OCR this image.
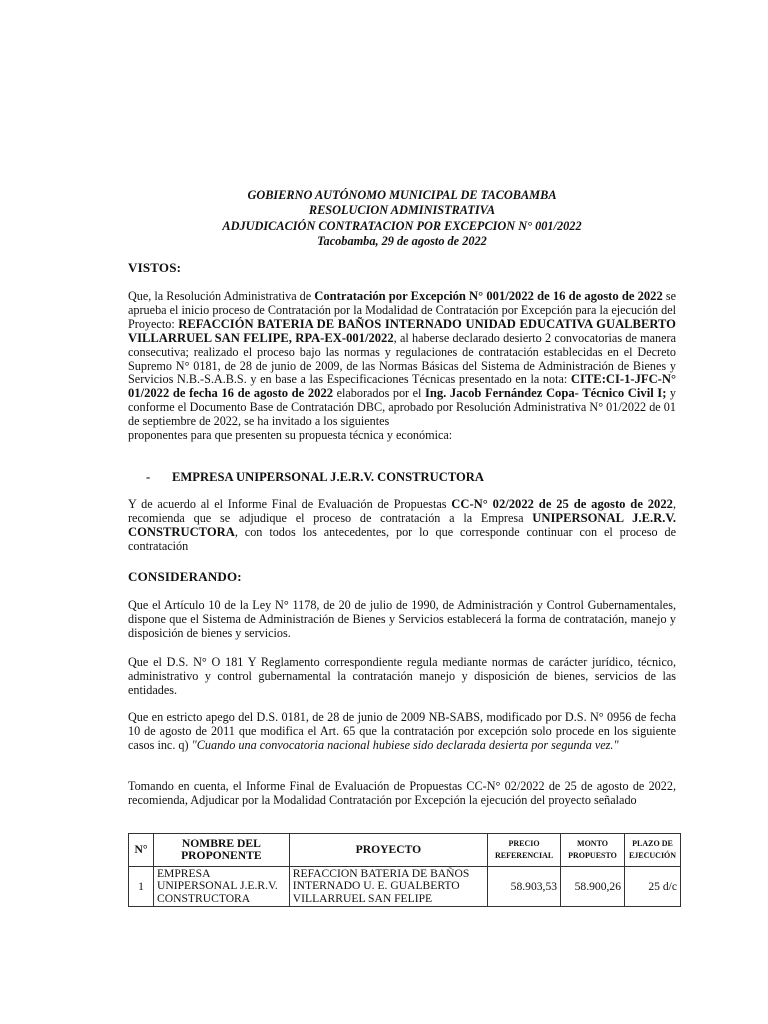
GOBIERNO AUTÓNOMO MUNICIPAL DE TACOBAMBA
RESOLUCION ADMINISTRATIVA
ADJUDICACIÓN CONTRATACION POR EXCEPCION N° 001/2022
Tacobamba, 29 de agosto de 2022
VISTOS:
Que, la Resolución Administrativa de Contratación por Excepción N° 001/2022 de 16 de agosto de 2022 se aprueba el inicio proceso de Contratación por la Modalidad de Contratación por Excepción para la ejecución del Proyecto: REFACCIÓN BATERIA DE BAÑOS INTERNADO UNIDAD EDUCATIVA GUALBERTO VILLARRUEL SAN FELIPE, RPA-EX-001/2022, al haberse declarado desierto 2 convocatorias de manera consecutiva; realizado el proceso bajo las normas y regulaciones de contratación establecidas en el Decreto Supremo N° 0181, de 28 de junio de 2009, de las Normas Básicas del Sistema de Administración de Bienes y Servicios N.B.-S.A.B.S. y en base a las Especificaciones Técnicas presentado en la nota: CITE:CI-1-JFC-N° 01/2022 de fecha 16 de agosto de 2022 elaborados por el Ing. Jacob Fernández Copa- Técnico Civil I; y conforme el Documento Base de Contratación DBC, aprobado por Resolución Administrativa N° 01/2022 de 01 de septiembre de 2022, se ha invitado a los siguientes
proponentes para que presenten su propuesta técnica y económica:
- EMPRESA UNIPERSONAL J.E.R.V. CONSTRUCTORA
Y de acuerdo al el Informe Final de Evaluación de Propuestas CC-N° 02/2022 de 25 de agosto de 2022, recomienda que se adjudique el proceso de contratación a la Empresa UNIPERSONAL J.E.R.V. CONSTRUCTORA, con todos los antecedentes, por lo que corresponde continuar con el proceso de contratación
CONSIDERANDO:
Que el Artículo 10 de la Ley N° 1178, de 20 de julio de 1990, de Administración y Control Gubernamentales, dispone que el Sistema de Administración de Bienes y Servicios establecerá la forma de contratación, manejo y disposición de bienes y servicios.
Que el D.S. N° O 181 Y Reglamento correspondiente regula mediante normas de carácter jurídico, técnico, administrativo y control gubernamental la contratación manejo y disposición de bienes, servicios de las entidades.
Que en estricto apego del D.S. 0181, de 28 de junio de 2009 NB-SABS, modificado por D.S. N° 0956 de fecha 10 de agosto de 2011 que modifica el Art. 65 que la contratación por excepción solo procede en los siguiente casos inc. q) "Cuando una convocatoria nacional hubiese sido declarada desierta por segunda vez."
Tomando en cuenta, el Informe Final de Evaluación de Propuestas CC-N° 02/2022 de 25 de agosto de 2022, recomienda, Adjudicar por la Modalidad Contratación por Excepción la ejecución del proyecto señalado
N°	NOMBRE DEL PROPONENTE	PROYECTO	PRECIO REFERENCIAL	MONTO PROPUESTO	PLAZO DE EJECUCIÓN
1	EMPRESA UNIPERSONAL J.E.R.V. CONSTRUCTORA	REFACCION BATERIA DE BAÑOS INTERNADO U. E. GUALBERTO VILLARRUEL SAN FELIPE	58.903,53	58.900,26	25 d/c
